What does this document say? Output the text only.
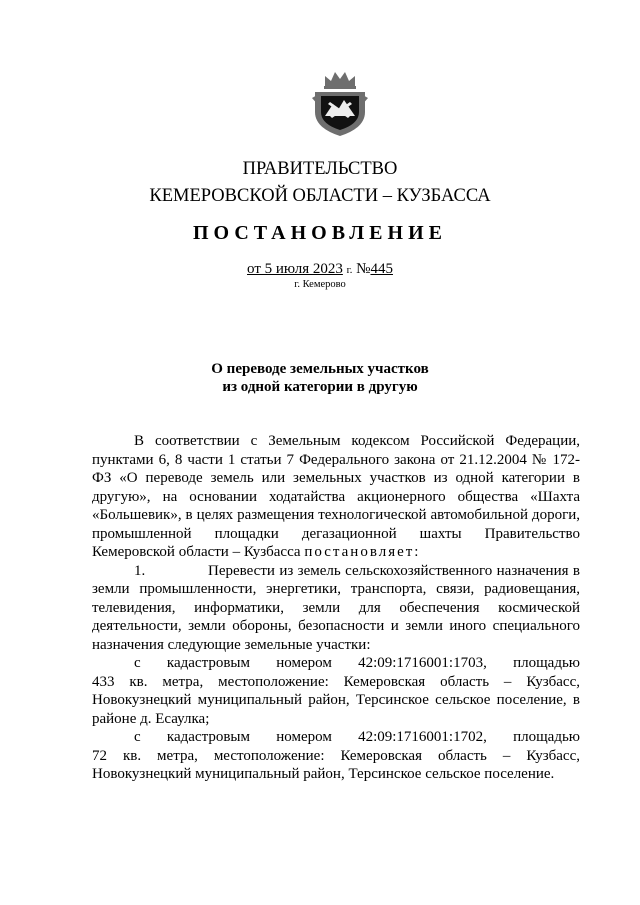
ПРАВИТЕЛЬСТВО
КЕМЕРОВСКОЙ ОБЛАСТИ – КУЗБАССА
ПОСТАНОВЛЕНИЕ
от 5 июля 2023 г. №445
г. Кемерово
О переводе земельных участков
из одной категории в другую

В соответствии с Земельным кодексом Российской Федерации, пунктами 6, 8 части 1 статьи 7 Федерального закона от 21.12.2004 № 172-ФЗ «О переводе земель или земельных участков из одной категории в другую», на основании ходатайства акционерного общества «Шахта «Большевик», в целях размещения технологической автомобильной дороги, промышленной площадки дегазационной шахты Правительство Кемеровской области – Кузбасса постановляет:

1.	Перевести из земель сельскохозяйственного назначения в земли промышленности, энергетики, транспорта, связи, радиовещания, телевидения, информатики, земли для обеспечения космической деятельности, земли обороны, безопасности и земли иного специального назначения следующие земельные участки:

с кадастровым номером 42:09:1716001:1703, площадью

433 кв. метра, местоположение: Кемеровская область – Кузбасс, Новокузнецкий муниципальный район, Терсинское сельское поселение, в районе д. Есаулка;

с кадастровым номером 42:09:1716001:1702, площадью

72 кв. метра, местоположение: Кемеровская область – Кузбасс, Новокузнецкий муниципальный район, Терсинское сельское поселение.
